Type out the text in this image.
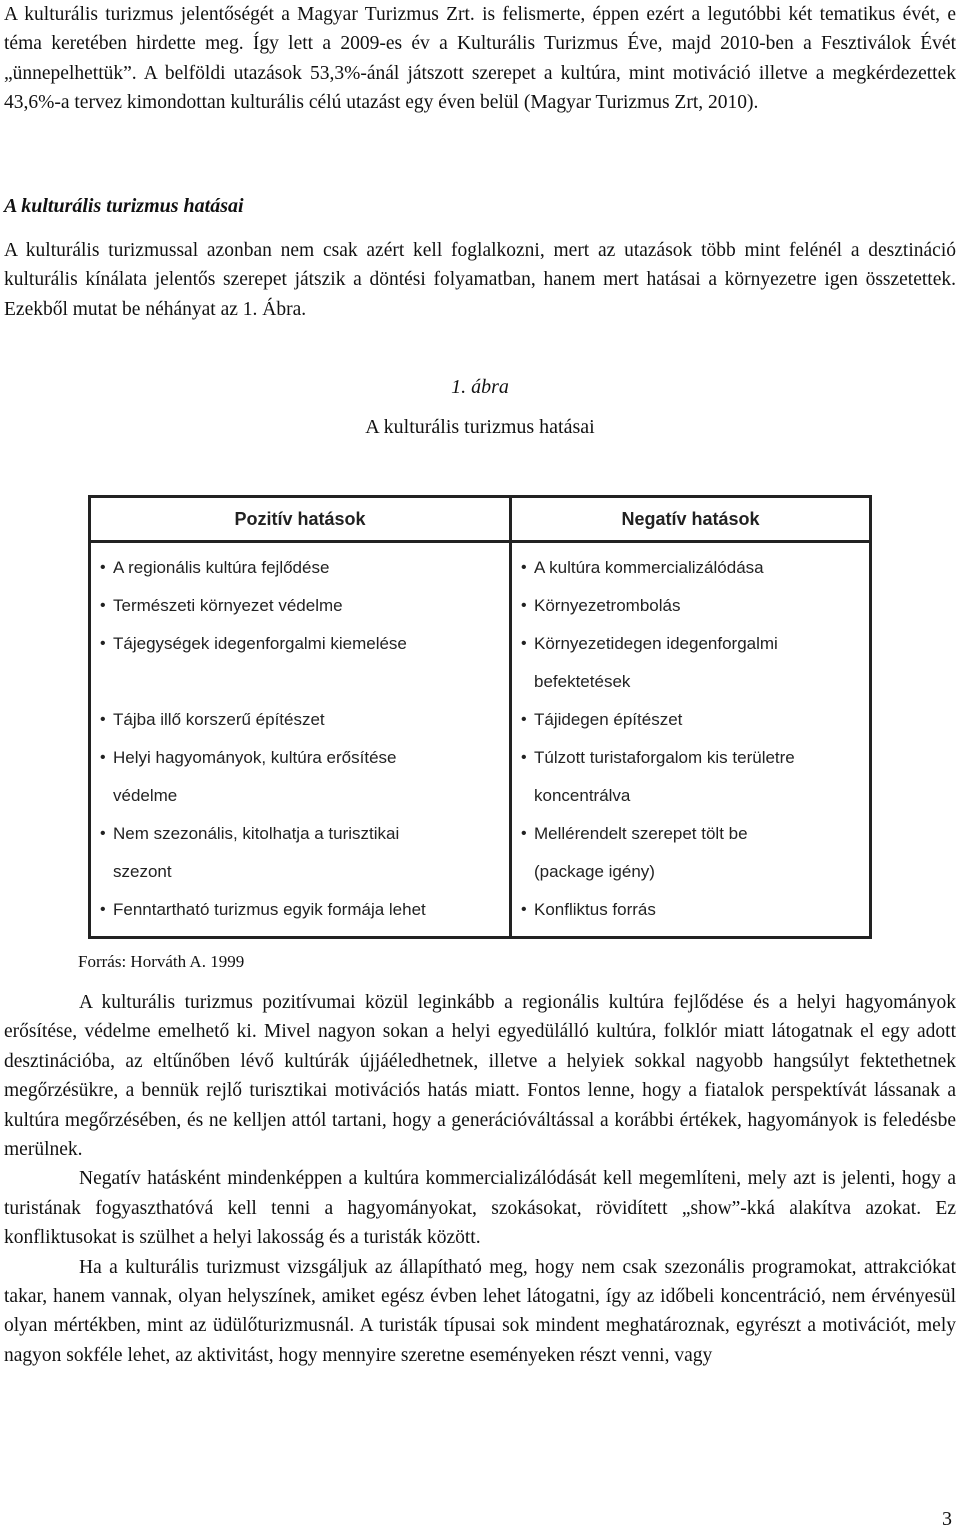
A kulturális turizmus jelentőségét a Magyar Turizmus Zrt. is felismerte, éppen ezért a legutóbbi két tematikus évét, e téma keretében hirdette meg. Így lett a 2009-es év a Kulturális Turizmus Éve, majd 2010-ben a Fesztiválok Évét „ünnepelhettük”. A belföldi utazások 53,3%-ánál játszott szerepet a kultúra, mint motiváció illetve a megkérdezettek 43,6%-a tervez kimondottan kulturális célú utazást egy éven belül (Magyar Turizmus Zrt, 2010).

A kulturális turizmus hatásai

A kulturális turizmussal azonban nem csak azért kell foglalkozni, mert az utazások több mint felénél a desztináció kulturális kínálata jelentős szerepet játszik a döntési folyamatban, hanem mert hatásai a környezetre igen összetettek. Ezekből mutat be néhányat az 1. Ábra.

1. ábra
A kulturális turizmus hatásai
Pozitív hatások
• A regionális kultúra fejlődése
• Természeti környezet védelme
• Tájegységek idegenforgalmi kiemelése
• Tájba illő korszerű építészet
• Helyi hagyományok, kultúra erősítése
védelme
• Nem szezonális, kitolhatja a turisztikai
szezont
• Fenntartható turizmus egyik formája lehet
Negatív hatások
• A kultúra kommercializálódása
• Környezetrombolás
• Környezetidegen idegenforgalmi
befektetések
• Tájidegen építészet
• Túlzott turistaforgalom kis területre
koncentrálva
• Mellérendelt szerepet tölt be
(package igény)
• Konfliktus forrás
Forrás: Horváth A. 1999

A kulturális turizmus pozitívumai közül leginkább a regionális kultúra fejlődése és a helyi hagyományok erősítése, védelme emelhető ki. Mivel nagyon sokan a helyi egyedülálló kultúra, folklór miatt látogatnak el egy adott desztinációba, az eltűnőben lévő kultúrák újjáéledhetnek, illetve a helyiek sokkal nagyobb hangsúlyt fektethetnek megőrzésükre, a bennük rejlő turisztikai motivációs hatás miatt. Fontos lenne, hogy a fiatalok perspektívát lássanak a kultúra megőrzésében, és ne kelljen attól tartani, hogy a generációváltással a korábbi értékek, hagyományok is feledésbe merülnek.

Negatív hatásként mindenképpen a kultúra kommercializálódását kell megemlíteni, mely azt is jelenti, hogy a turistának fogyaszthatóvá kell tenni a hagyományokat, szokásokat, rövidített „show”-kká alakítva azokat. Ez konfliktusokat is szülhet a helyi lakosság és a turisták között.

Ha a kulturális turizmust vizsgáljuk az állapítható meg, hogy nem csak szezonális programokat, attrakciókat takar, hanem vannak, olyan helyszínek, amiket egész évben lehet látogatni, így az időbeli koncentráció, nem érvényesül olyan mértékben, mint az üdülőturizmusnál. A turisták típusai sok mindent meghatároznak, egyrészt a motivációt, mely nagyon sokféle lehet, az aktivitást, hogy mennyire szeretne eseményeken részt venni, vagy

3
